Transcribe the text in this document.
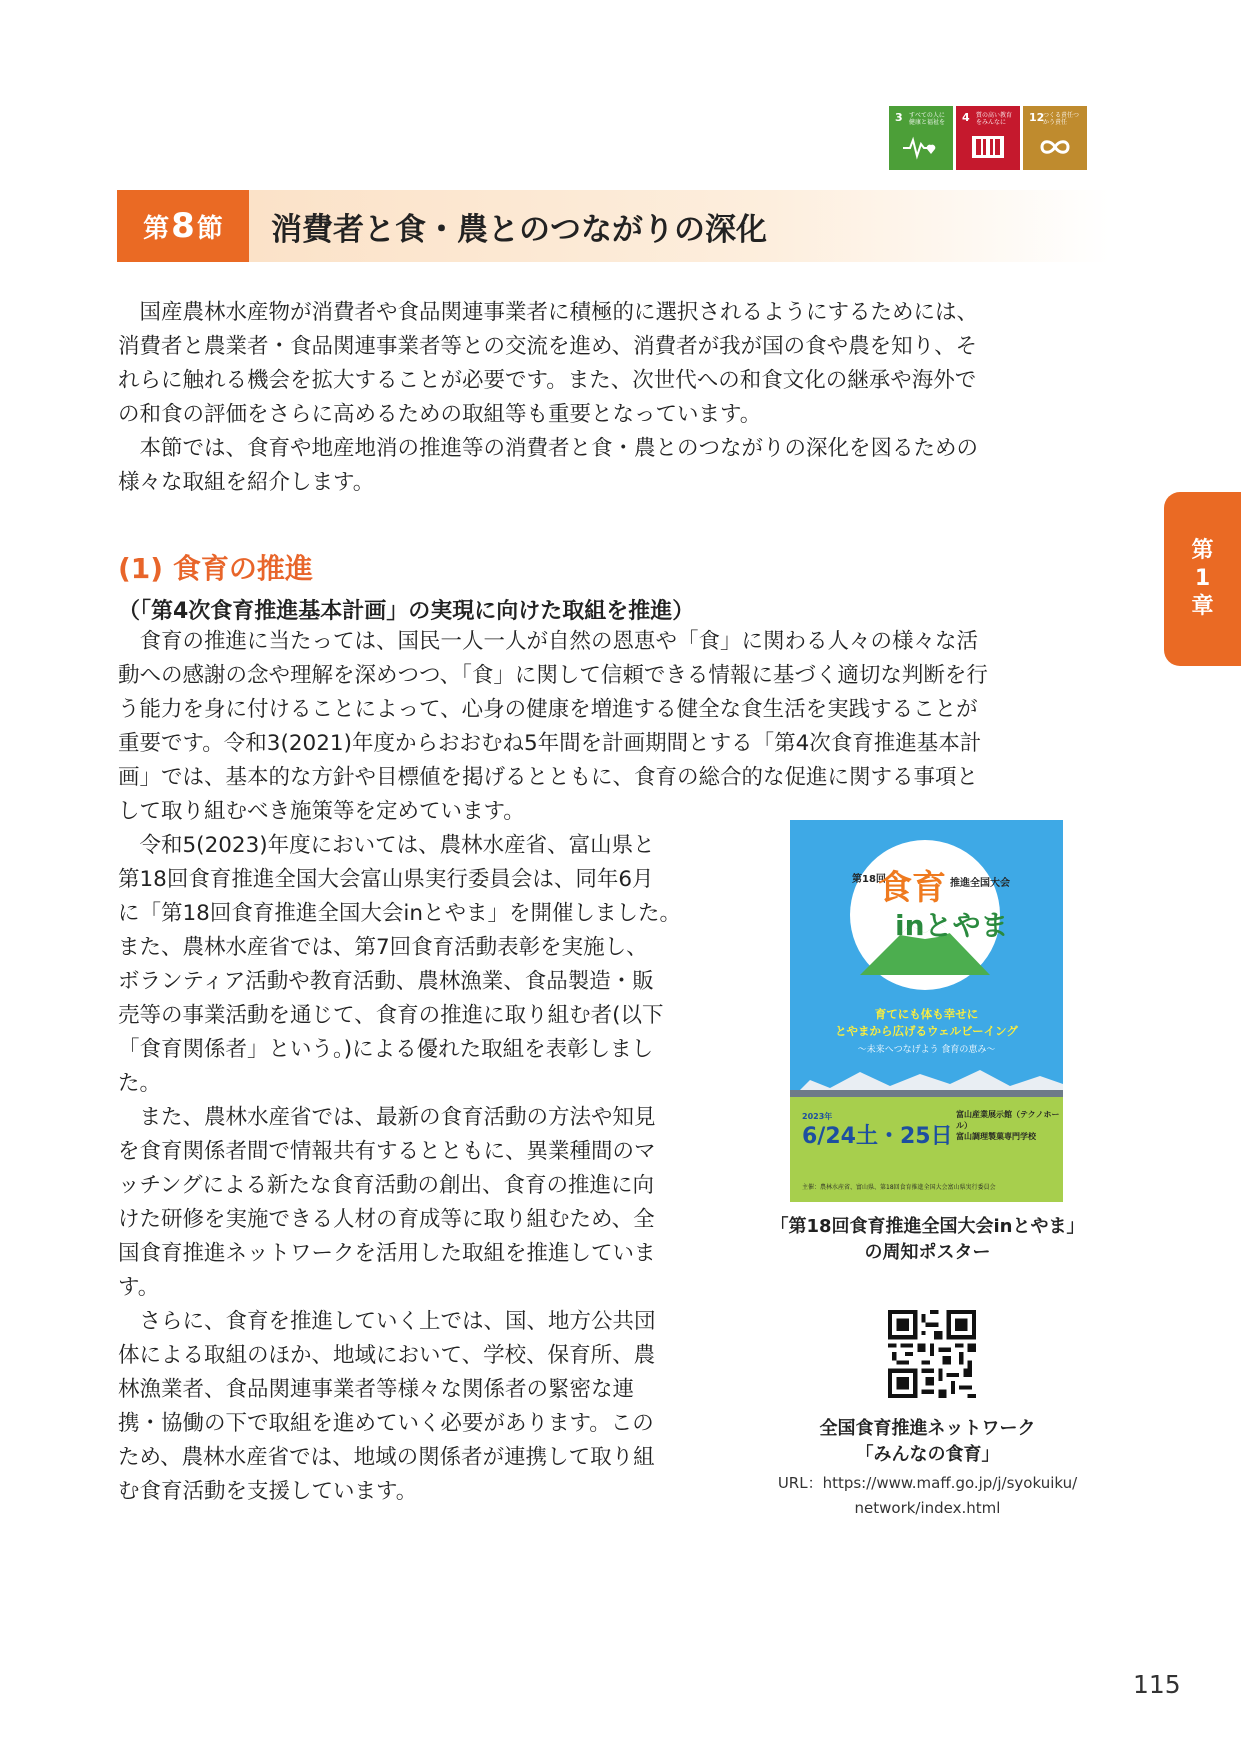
3 すべての人に健康と福祉を	4 質の高い教育をみんなに	12
つくる責任つかう責任
第 8 節	消費者と食・農とのつながりの深化
　国産農林水産物が消費者や食品関連事業者に積極的に選択されるようにするためには、
消費者と農業者・食品関連事業者等との交流を進め、消費者が我が国の食や農を知り、そ
れらに触れる機会を拡大することが必要です。また、次世代への和食文化の継承や海外で
の和食の評価をさらに高めるための取組等も重要となっています。
　本節では、食育や地産地消の推進等の消費者と食・農とのつながりの深化を図るための
様々な取組を紹介します。
第
1
章
(1) 食育の推進
（「第4次食育推進基本計画」の実現に向けた取組を推進）
　食育の推進に当たっては、国民一人一人が自然の恩恵や「食」に関わる人々の様々な活
動への感謝の念や理解を深めつつ、「食」に関して信頼できる情報に基づく適切な判断を行
う能力を身に付けることによって、心身の健康を増進する健全な食生活を実践することが
重要です。令和3(2021)年度からおおむね5年間を計画期間とする「第4次食育推進基本計
画」では、基本的な方針や目標値を掲げるとともに、食育の総合的な促進に関する事項と
して取り組むべき施策等を定めています。
　令和5(2023)年度においては、農林水産省、富山県と
第18回食育推進全国大会富山県実行委員会は、同年6月
に「第18回食育推進全国大会inとやま」を開催しました。
また、農林水産省では、第7回食育活動表彰を実施し、
ボランティア活動や教育活動、農林漁業、食品製造・販
売等の事業活動を通じて、食育の推進に取り組む者(以下
「食育関係者」という。)による優れた取組を表彰しまし
た。
　また、農林水産省では、最新の食育活動の方法や知見
を食育関係者間で情報共有するとともに、異業種間のマ
ッチングによる新たな食育活動の創出、食育の推進に向
けた研修を実施できる人材の育成等に取り組むため、全
国食育推進ネットワークを活用した取組を推進していま
す。
　さらに、食育を推進していく上では、国、地方公共団
体による取組のほか、地域において、学校、保育所、農
林漁業者、食品関連事業者等様々な関係者の緊密な連
携・協働の下で取組を進めていく必要があります。この
ため、農林水産省では、地域の関係者が連携して取り組
む食育活動を支援しています。
第18回
食育 推進全国大会
inとやま
育てにも体も幸せに
とやまから広げるウェルビーイング
～未来へつなげよう 食育の恵み～
2023年
6/24土・25日
富山産業展示館（テクノホール）
富山調理製菓専門学校
主催：農林水産省、富山県、第18回食育推進全国大会富山県実行委員会
「第18回食育推進全国大会inとやま」
の周知ポスター
全国食育推進ネットワーク
「みんなの食育」
URL：https://www.maff.go.jp/j/syokuiku/
network/index.html
115
